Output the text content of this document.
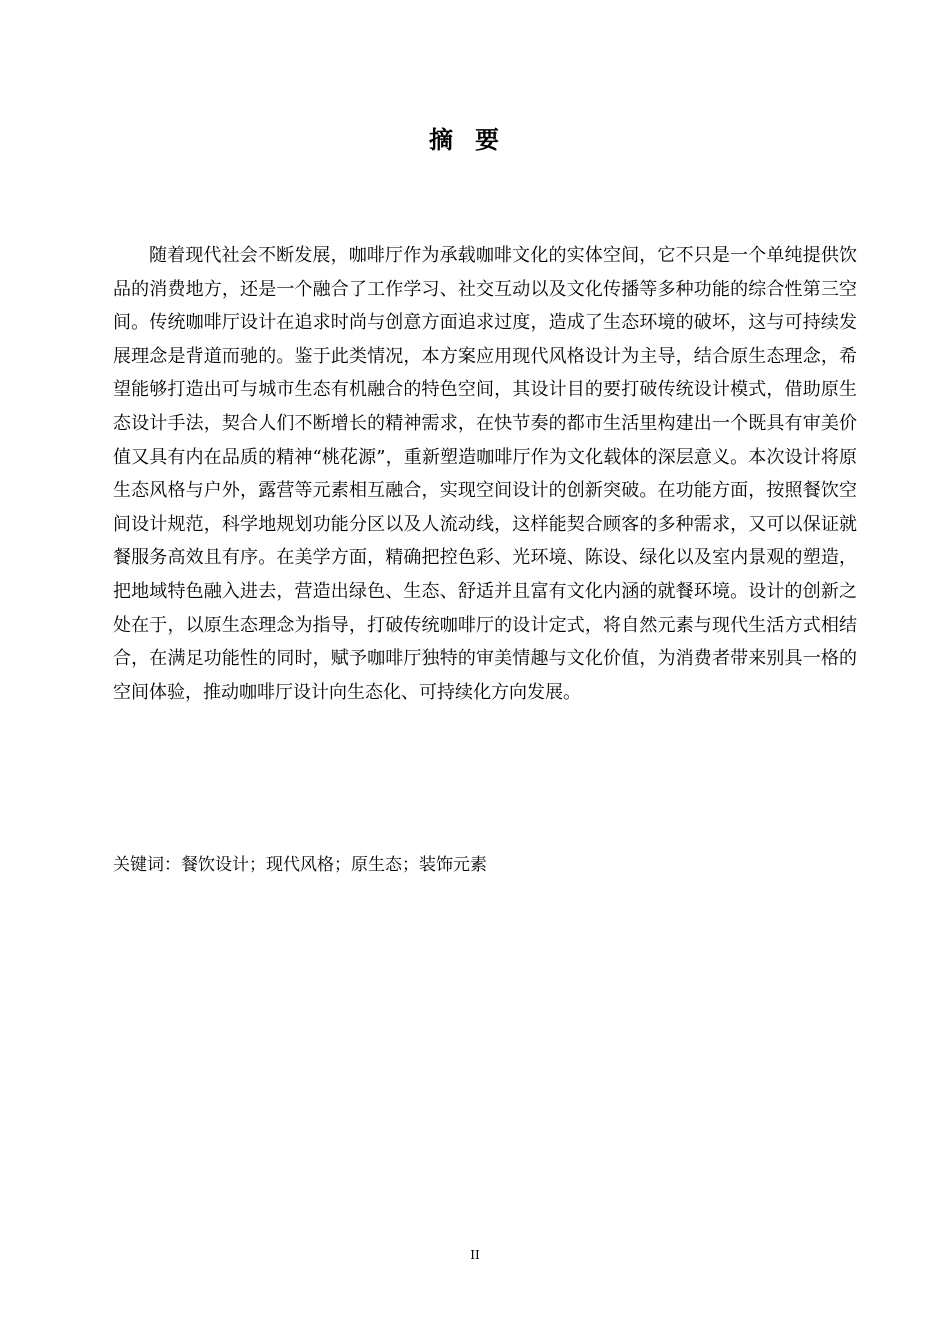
摘要

随着现代社会不断发展，咖啡厅作为承载咖啡文化的实体空间，它不只是一个单纯提供饮品的消费地方，还是一个融合了工作学习、社交互动以及文化传播等多种功能的综合性第三空间。传统咖啡厅设计在追求时尚与创意方面追求过度，造成了生态环境的破坏，这与可持续发展理念是背道而驰的。鉴于此类情况，本方案应用现代风格设计为主导，结合原生态理念，希望能够打造出可与城市生态有机融合的特色空间，其设计目的要打破传统设计模式，借助原生态设计手法，契合人们不断增长的精神需求，在快节奏的都市生活里构建出一个既具有审美价值又具有内在品质的精神“桃花源”，重新塑造咖啡厅作为文化载体的深层意义。本次设计将原生态风格与户外，露营等元素相互融合，实现空间设计的创新突破。在功能方面，按照餐饮空间设计规范，科学地规划功能分区以及人流动线，这样能契合顾客的多种需求，又可以保证就餐服务高效且有序。在美学方面，精确把控色彩、光环境、陈设、绿化以及室内景观的塑造，把地域特色融入进去，营造出绿色、生态、舒适并且富有文化内涵的就餐环境。设计的创新之处在于，以原生态理念为指导，打破传统咖啡厅的设计定式，将自然元素与现代生活方式相结合，在满足功能性的同时，赋予咖啡厅独特的审美情趣与文化价值，为消费者带来别具一格的空间体验，推动咖啡厅设计向生态化、可持续化方向发展。

关键词：餐饮设计；现代风格；原生态；装饰元素
II
